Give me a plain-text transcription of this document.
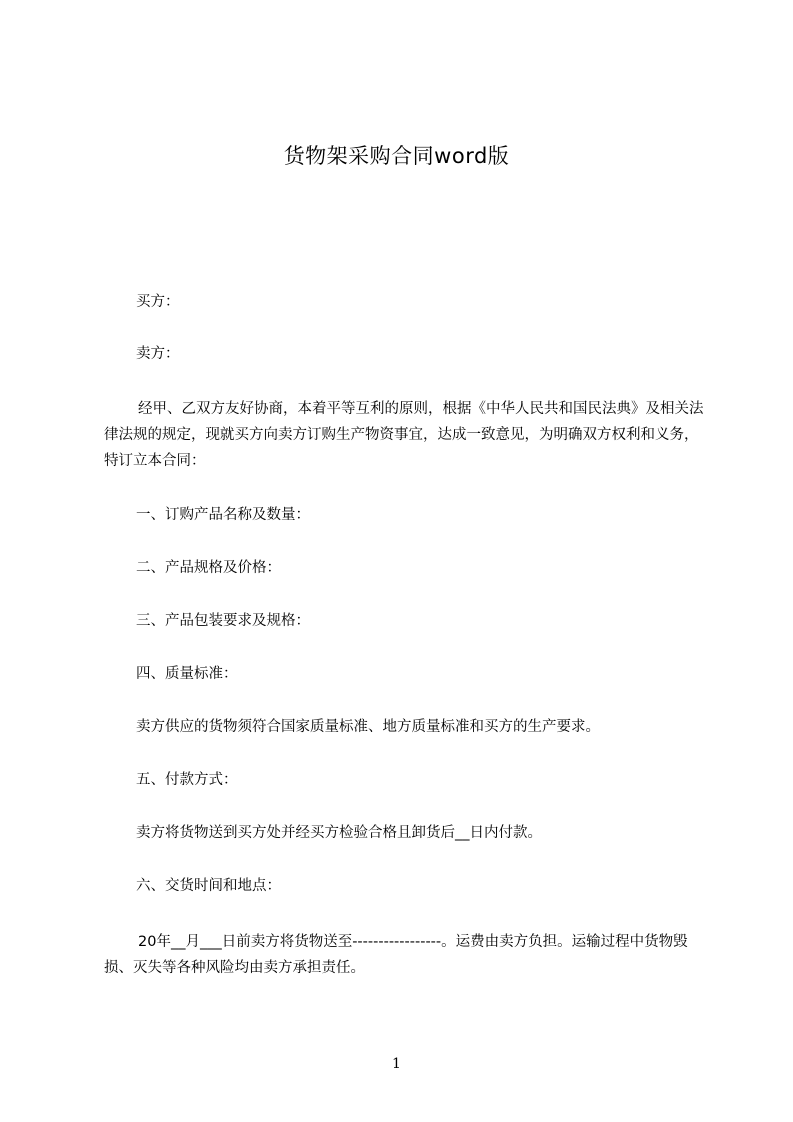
货物架采购合同word版
买方：
卖方：
经甲、乙双方友好协商，本着平等互利的原则，根据《中华人民共和国民法典》及相关法律法规的规定，现就买方向卖方订购生产物资事宜，达成一致意见，为明确双方权利和义务，特订立本合同：
一、订购产品名称及数量：
二、产品规格及价格：
三、产品包装要求及规格：
四、质量标准：
卖方供应的货物须符合国家质量标准、地方质量标准和买方的生产要求。
五、付款方式：
卖方将货物送到买方处并经买方检验合格且卸货后__日内付款。
六、交货时间和地点：
20年__月___日前卖方将货物送至-----------------。运费由卖方负担。运输过程中货物毁损、灭失等各种风险均由卖方承担责任。
1
